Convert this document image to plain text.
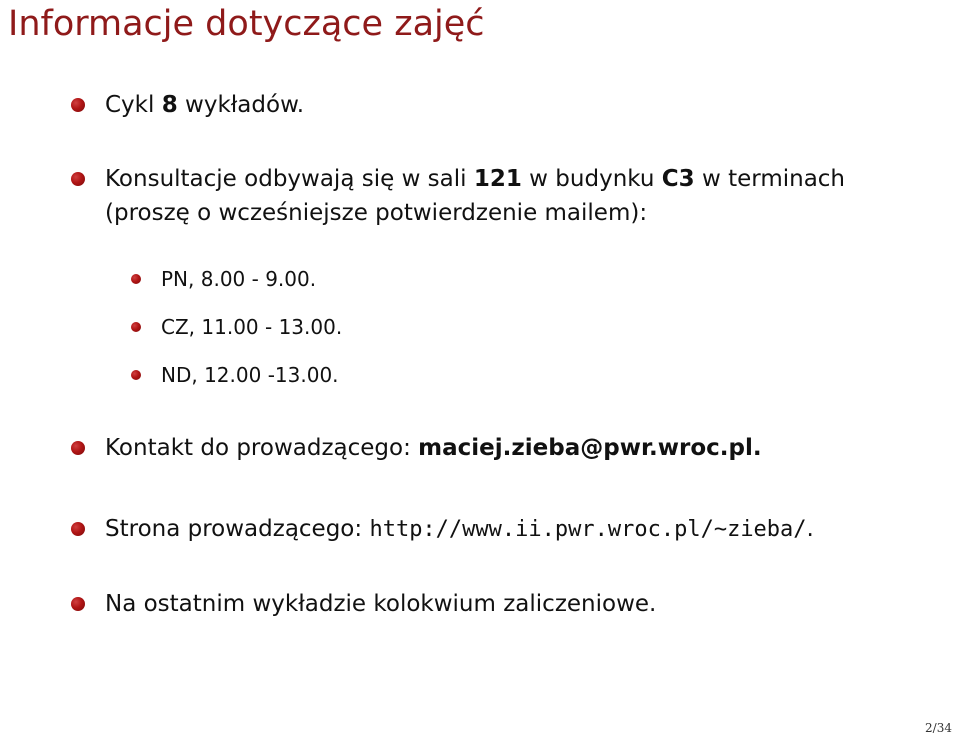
Informacje dotyczące zajęć
Cykl 8 wykładów.
Konsultacje odbywają się w sali 121 w budynku C3 w terminach
(proszę o wcześniejsze potwierdzenie mailem):
Kontakt do prowadzącego: maciej.zieba@pwr.wroc.pl.
Strona prowadzącego: http://www.ii.pwr.wroc.pl/~zieba/.
Na ostatnim wykładzie kolokwium zaliczeniowe.
PN, 8.00 - 9.00.
CZ, 11.00 - 13.00.
ND, 12.00 -13.00.
2/34
